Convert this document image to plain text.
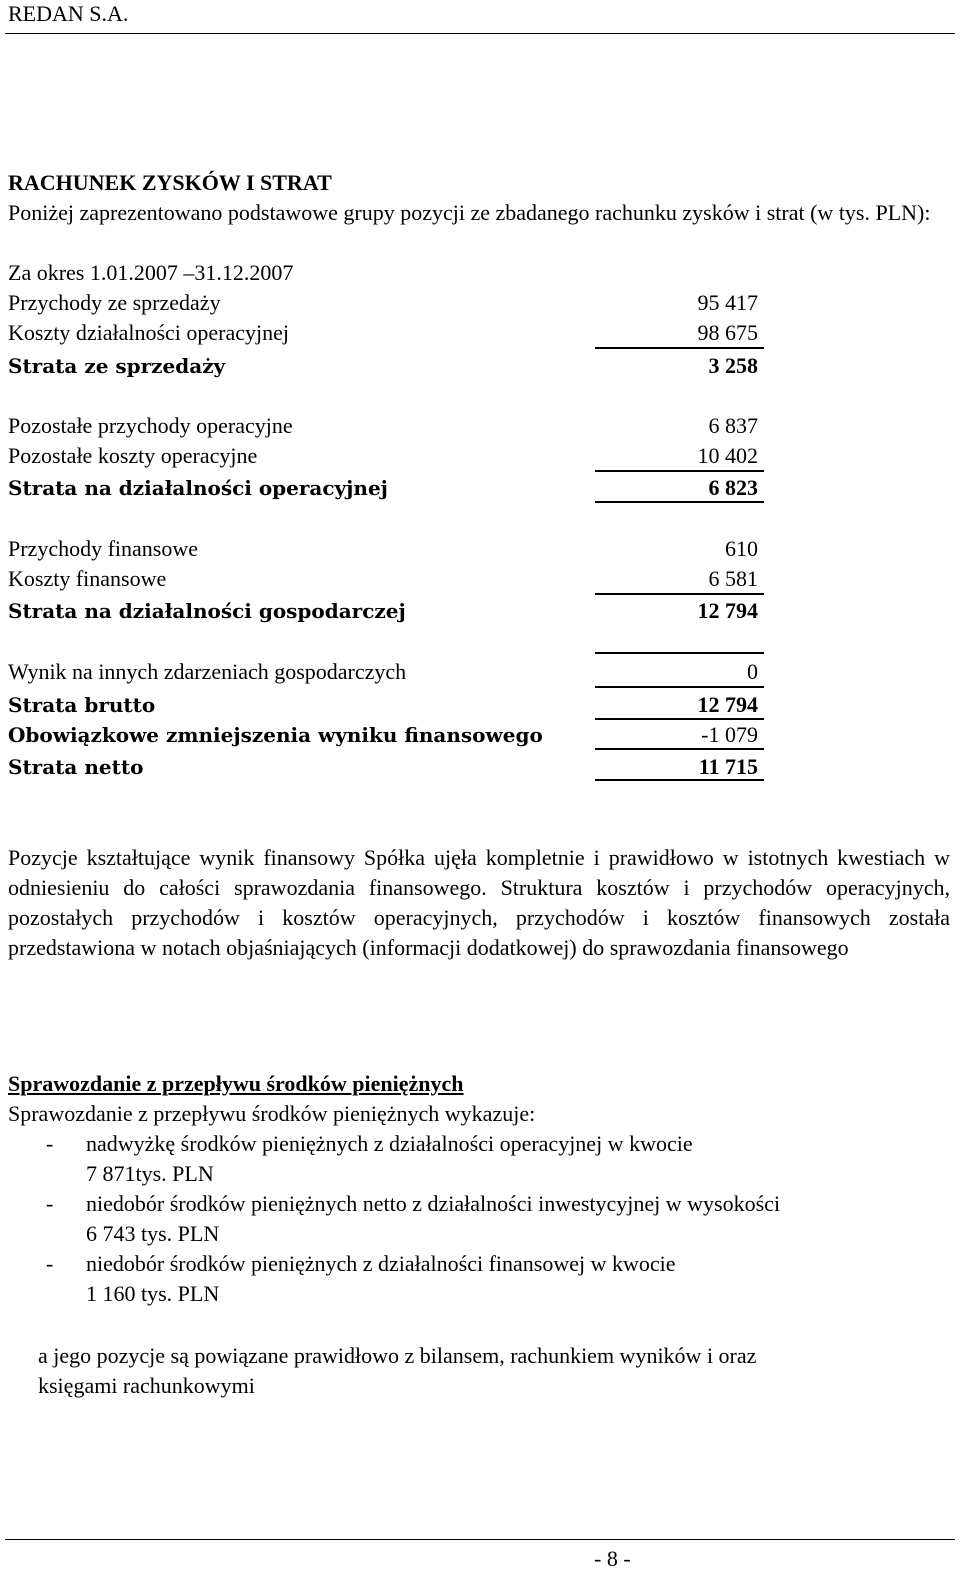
REDAN S.A.
RACHUNEK ZYSKÓW I STRAT
Poniżej zaprezentowano podstawowe grupy pozycji ze zbadanego rachunku zysków i strat (w tys. PLN):
Za okres 1.01.2007 –31.12.2007
Przychody ze sprzedaży	95 417
Koszty działalności operacyjnej	98 675
Strata ze sprzedaży	3 258
Pozostałe przychody operacyjne	6 837
Pozostałe koszty operacyjne	10 402
Strata na działalności operacyjnej	6 823
Przychody finansowe	610
Koszty finansowe	6 581
Strata na działalności gospodarczej	12 794
Wynik na innych zdarzeniach gospodarczych	0
Strata brutto	12 794
Obowiązkowe zmniejszenia wyniku finansowego	-1 079
Strata netto	11 715
Pozycje kształtujące wynik finansowy Spółka ujęła kompletnie i prawidłowo w istotnych kwestiach w odniesieniu do całości sprawozdania finansowego. Struktura kosztów i przychodów operacyjnych, pozostałych przychodów i kosztów operacyjnych, przychodów i kosztów finansowych została przedstawiona w notach objaśniających (informacji dodatkowej) do sprawozdania finansowego
Sprawozdanie z przepływu środków pieniężnych
Sprawozdanie z przepływu środków pieniężnych wykazuje:
- nadwyżkę środków pieniężnych z działalności operacyjnej w kwocie
7 871tys. PLN
- niedobór środków pieniężnych netto z działalności inwestycyjnej w wysokości
6 743 tys. PLN
- niedobór środków pieniężnych z działalności finansowej w kwocie
1 160 tys. PLN
a jego pozycje są powiązane prawidłowo z bilansem, rachunkiem wyników i oraz
księgami rachunkowymi
- 8 -
